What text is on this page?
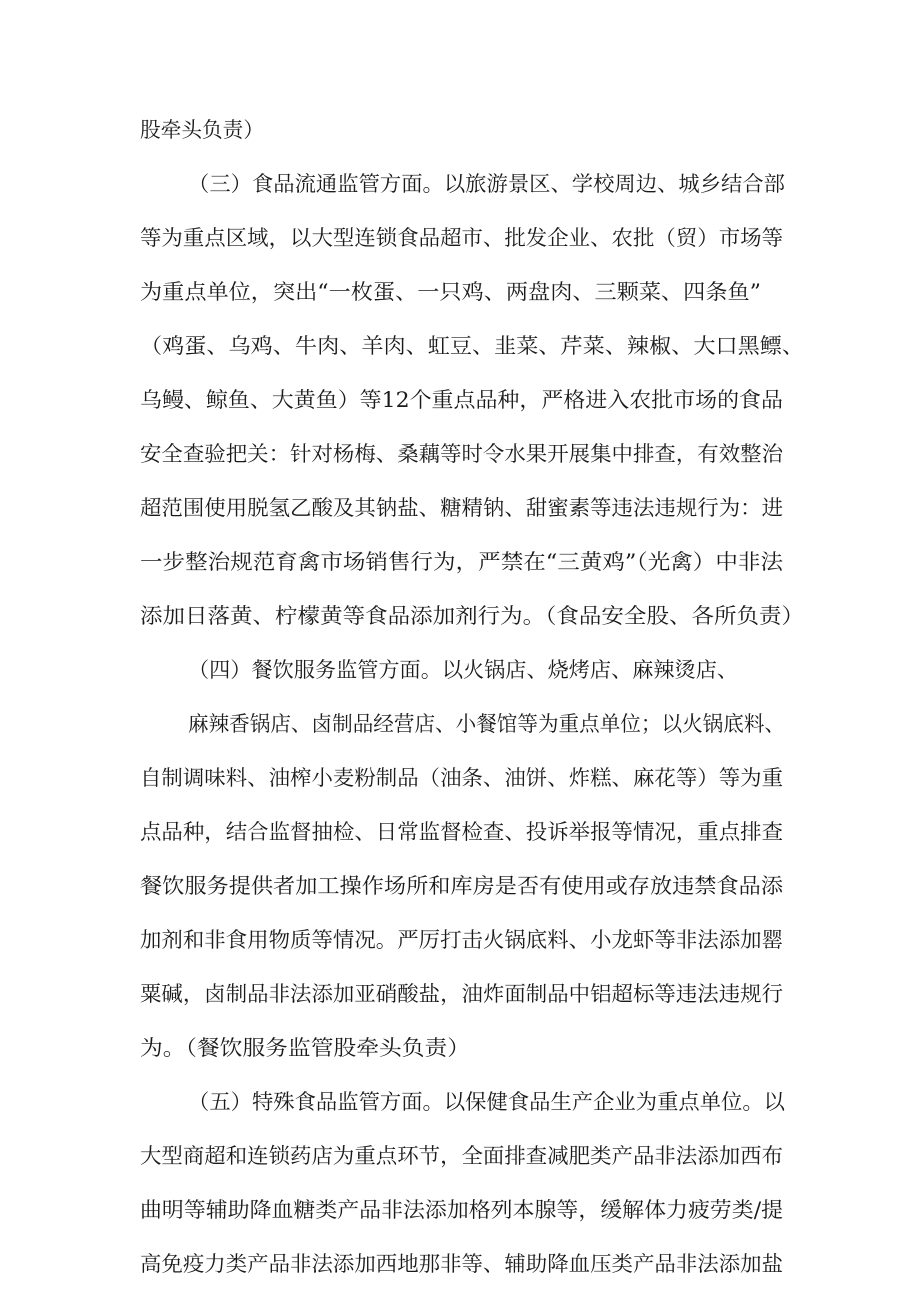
股牵头负责）
（三）食品流通监管方面。以旅游景区、学校周边、城乡结合部
等为重点区域，以大型连锁食品超市、批发企业、农批（贸）市场等
为重点单位，突出“一枚蛋、一只鸡、两盘肉、三颗菜、四条鱼”
（鸡蛋、乌鸡、牛肉、羊肉、虹豆、韭菜、芹菜、辣椒、大口黑鳔、
乌鳗、鲸鱼、大黄鱼）等12个重点品种，严格进入农批市场的食品
安全查验把关：针对杨梅、桑藕等时令水果开展集中排查，有效整治
超范围使用脱氢乙酸及其钠盐、糖精钠、甜蜜素等违法违规行为：进
一步整治规范育禽市场销售行为，严禁在“三黄鸡”（光禽）中非法
添加日落黄、柠檬黄等食品添加剂行为。（食品安全股、各所负责）
（四）餐饮服务监管方面。以火锅店、烧烤店、麻辣烫店、
麻辣香锅店、卤制品经营店、小餐馆等为重点单位；以火锅底料、
自制调味料、油榨小麦粉制品（油条、油饼、炸糕、麻花等）等为重
点品种，结合监督抽检、日常监督检查、投诉举报等情况，重点排查
餐饮服务提供者加工操作场所和库房是否有使用或存放违禁食品添
加剂和非食用物质等情况。严厉打击火锅底料、小龙虾等非法添加罂
粟碱，卤制品非法添加亚硝酸盐，油炸面制品中铝超标等违法违规行
为。（餐饮服务监管股牵头负责）
（五）特殊食品监管方面。以保健食品生产企业为重点单位。以
大型商超和连锁药店为重点环节，全面排查减肥类产品非法添加西布
曲明等辅助降血糖类产品非法添加格列本腺等，缓解体力疲劳类/提
高免疫力类产品非法添加西地那非等、辅助降血压类产品非法添加盐
